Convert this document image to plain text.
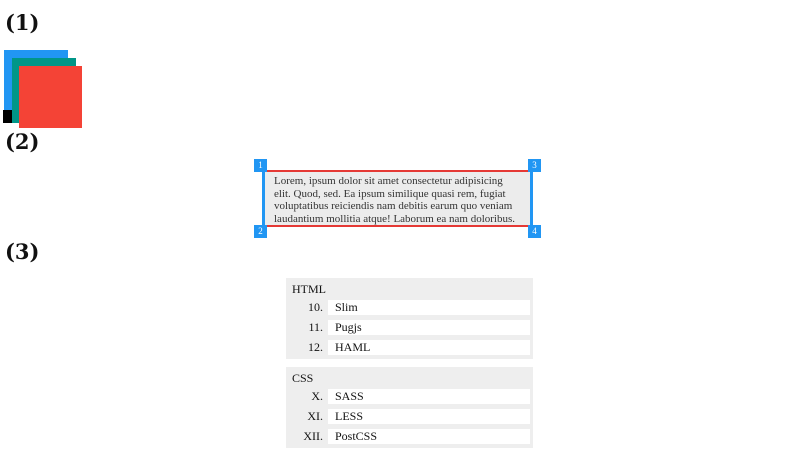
(1)
(2)
1
2
3
4

Lorem, ipsum dolor sit amet consectetur adipisicing elit. Quod, sed. Ea ipsum similique quasi rem, fugiat voluptatibus reiciendis nam debitis earum quo veniam laudantium mollitia atque! Laborum ea nam doloribus.

(3)
HTML
10.	Slim
11.	Pugjs
12.	HAML
CSS
X.	SASS
XI.	LESS
XII.	PostCSS
